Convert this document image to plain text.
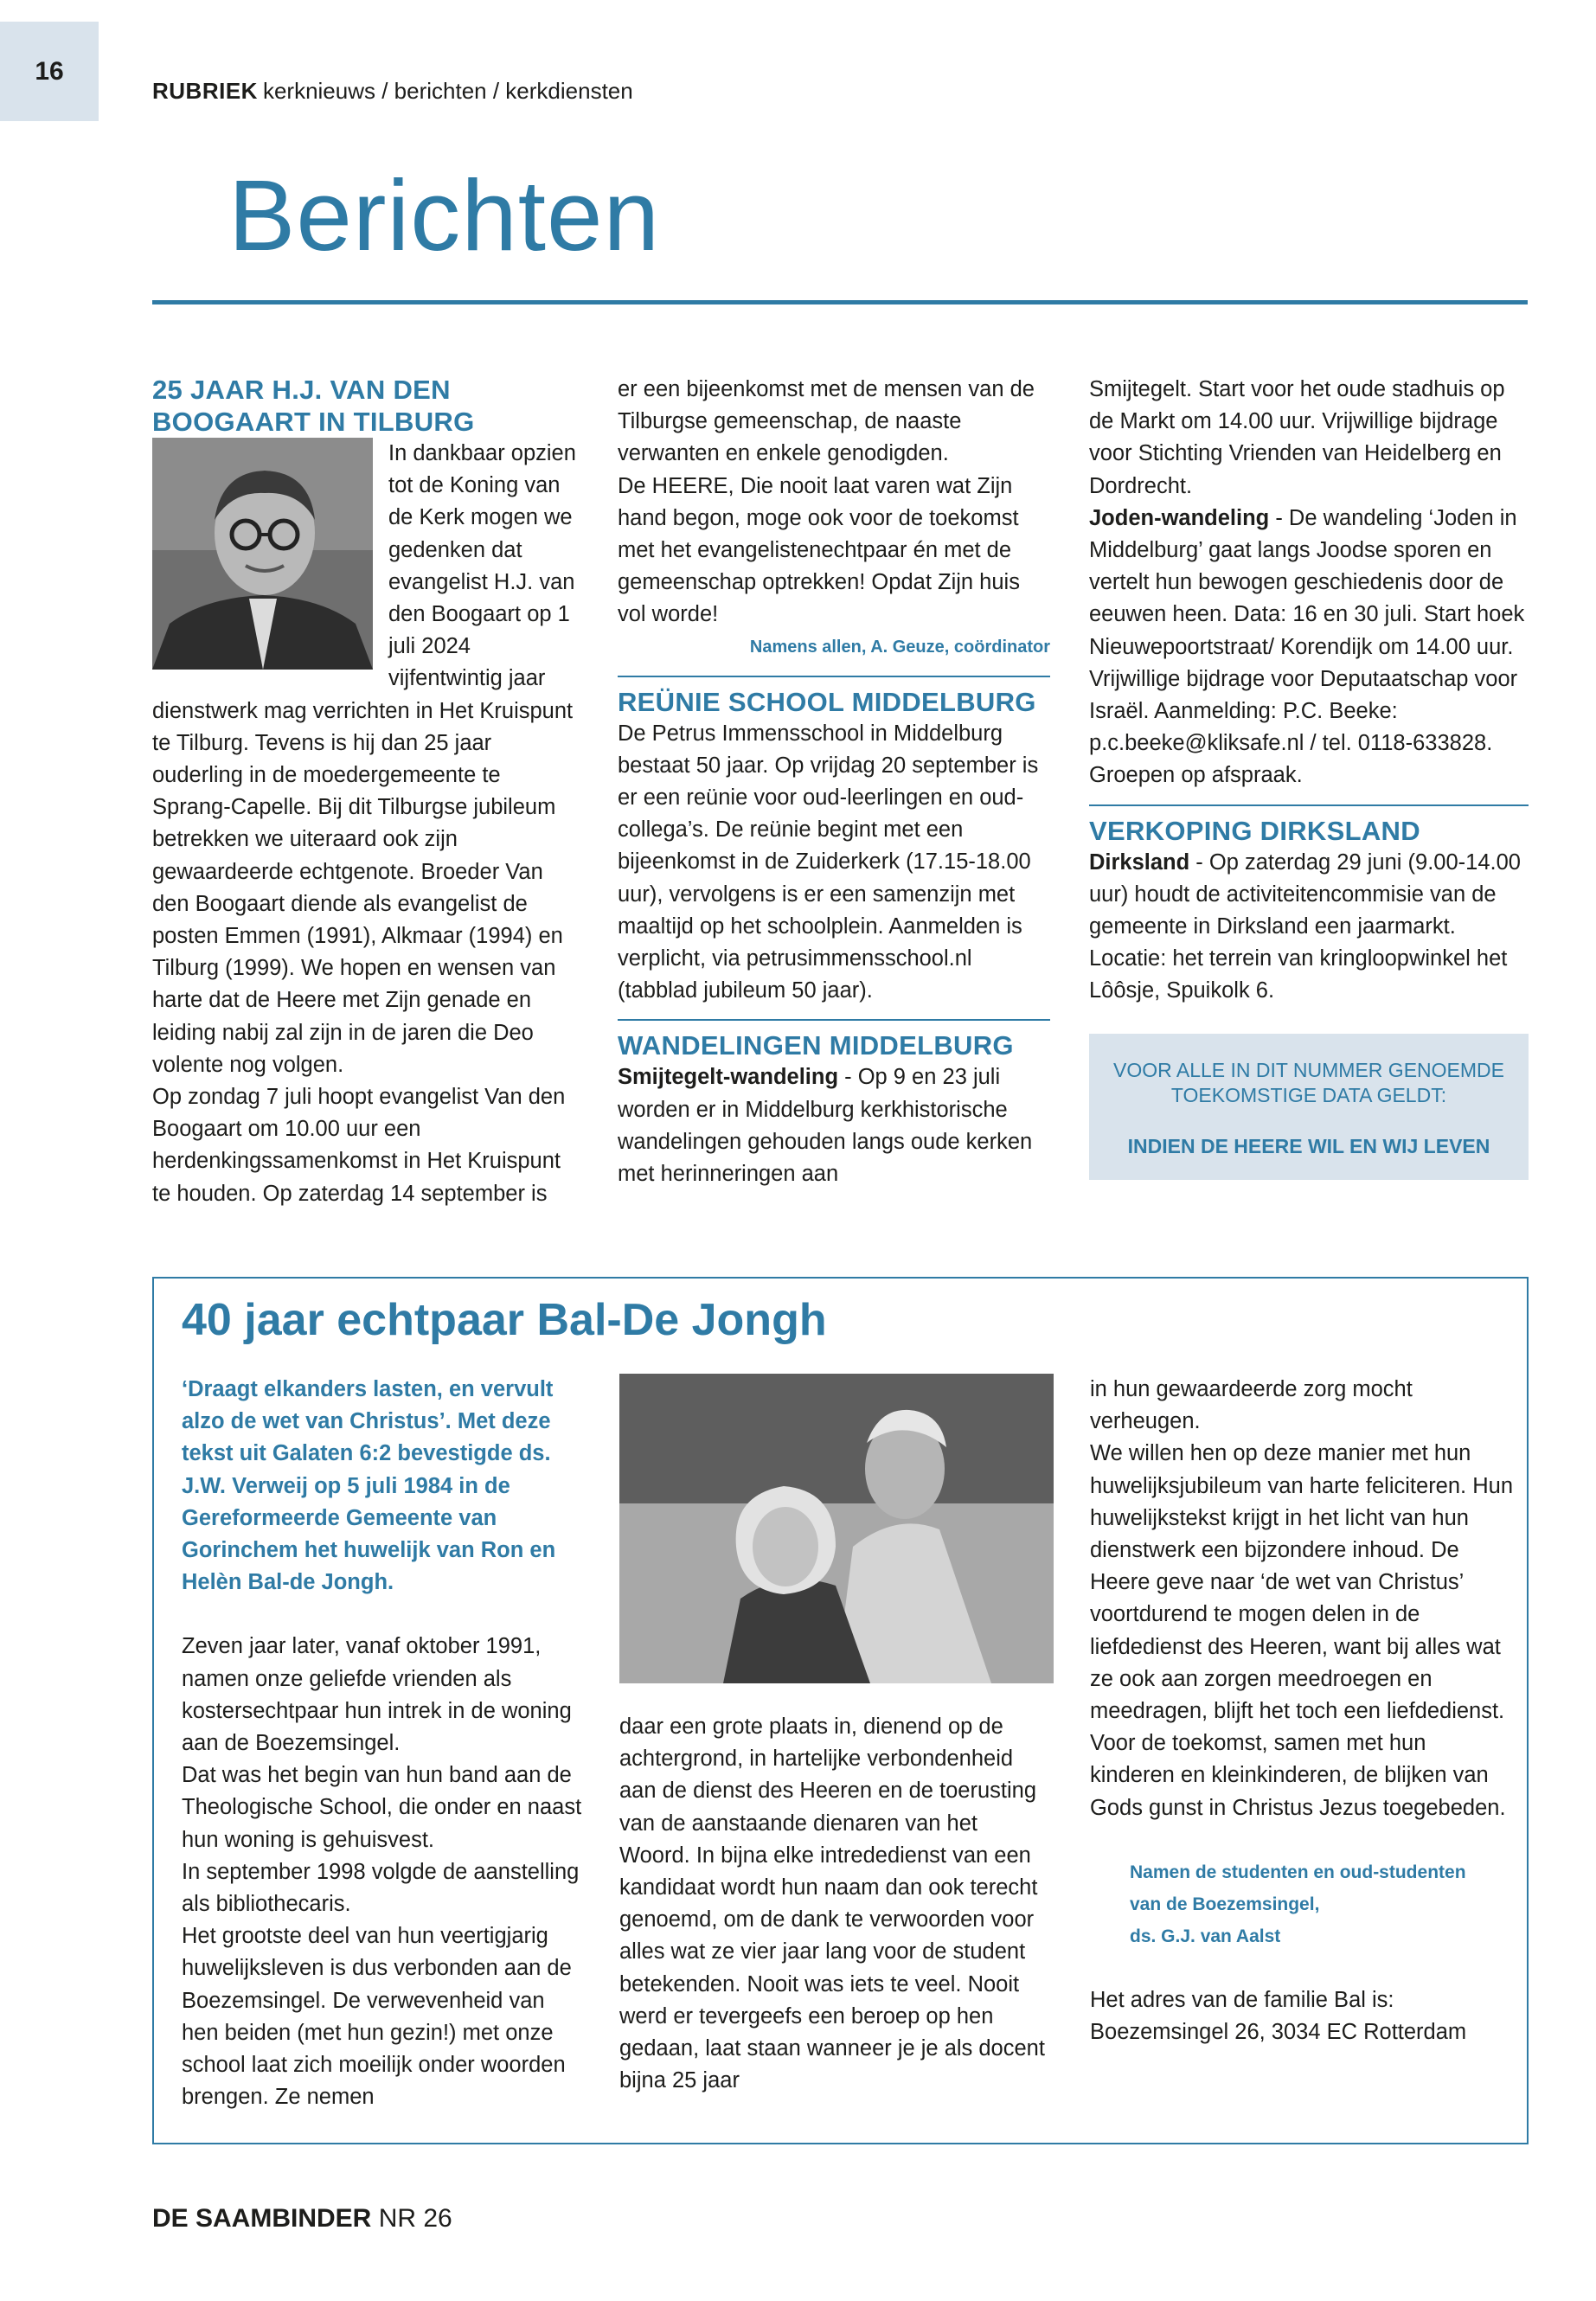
16
RUBRIEK kerknieuws / berichten / kerkdiensten
Berichten
25 JAAR H.J. VAN DEN BOOGAART IN TILBURG

In dankbaar opzien tot de Koning van de Kerk mogen we gedenken dat evangelist H.J. van den Boogaart op 1 juli 2024 vijfentwintig jaar dienstwerk mag verrichten in Het Kruispunt te Tilburg. Tevens is hij dan 25 jaar ouderling in de moedergemeente te Sprang-Capelle. Bij dit Tilburgse jubileum betrekken we uiteraard ook zijn gewaardeerde echtgenote. Broeder Van den Boogaart diende als evangelist de posten Emmen (1991), Alkmaar (1994) en Tilburg (1999). We hopen en wensen van harte dat de Heere met Zijn genade en leiding nabij zal zijn in de jaren die Deo volente nog volgen.

Op zondag 7 juli hoopt evangelist Van den Boogaart om 10.00 uur een herdenkingssamenkomst in Het Kruispunt te houden. Op zaterdag 14 september is

er een bijeenkomst met de mensen van de Tilburgse gemeenschap, de naaste verwanten en enkele genodigden.

De HEERE, Die nooit laat varen wat Zijn hand begon, moge ook voor de toekomst met het evangelistenechtpaar én met de gemeenschap optrekken! Opdat Zijn huis vol worde!

Namens allen, A. Geuze, coördinator
REÜNIE SCHOOL MIDDELBURG

De Petrus Immensschool in Middelburg bestaat 50 jaar. Op vrijdag 20 september is er een reünie voor oud-leerlingen en oud-collega’s. De reünie begint met een bijeenkomst in de Zuiderkerk (17.15-18.00 uur), vervolgens is er een samenzijn met maaltijd op het schoolplein. Aanmelden is verplicht, via petrusimmensschool.nl (tabblad jubileum 50 jaar).

WANDELINGEN MIDDELBURG

Smijtegelt-wandeling - Op 9 en 23 juli worden er in Middelburg kerkhistorische wandelingen gehouden langs oude kerken met herinneringen aan

Smijtegelt. Start voor het oude stadhuis op de Markt om 14.00 uur. Vrijwillige bijdrage voor Stichting Vrienden van Heidelberg en Dordrecht.

Joden-wandeling - De wandeling ‘Joden in Middelburg’ gaat langs Joodse sporen en vertelt hun bewogen geschiedenis door de eeuwen heen. Data: 16 en 30 juli. Start hoek Nieuwepoortstraat/ Korendijk om 14.00 uur. Vrijwillige bijdrage voor Deputaatschap voor Israël. Aanmelding: P.C. Beeke: p.c.beeke@kliksafe.nl / tel. 0118-633828. Groepen op afspraak.

VERKOPING DIRKSLAND

Dirksland - Op zaterdag 29 juni (9.00-14.00 uur) houdt de activiteitencommisie van de gemeente in Dirksland een jaarmarkt. Locatie: het terrein van kringloopwinkel het Lôôsje, Spuikolk 6.

VOOR ALLE IN DIT NUMMER GENOEMDE TOEKOMSTIGE DATA GELDT:
INDIEN DE HEERE WIL EN WIJ LEVEN
40 jaar echtpaar Bal-De Jongh

‘Draagt elkanders lasten, en vervult alzo de wet van Christus’. Met deze tekst uit Galaten 6:2 bevestigde ds. J.W. Verweij op 5 juli 1984 in de Gereformeerde Gemeente van Gorinchem het huwelijk van Ron en Helèn Bal-de Jongh.

Zeven jaar later, vanaf oktober 1991, namen onze geliefde vrienden als kostersechtpaar hun intrek in de woning aan de Boezemsingel.

Dat was het begin van hun band aan de Theologische School, die onder en naast hun woning is gehuisvest.

In september 1998 volgde de aanstelling als bibliothecaris.

Het grootste deel van hun veertigjarig huwelijksleven is dus verbonden aan de Boezemsingel. De verwevenheid van hen beiden (met hun gezin!) met onze school laat zich moeilijk onder woorden brengen. Ze nemen

daar een grote plaats in, dienend op de achtergrond, in hartelijke verbondenheid aan de dienst des Heeren en de toerusting van de aanstaande dienaren van het Woord. In bijna elke intrededienst van een kandidaat wordt hun naam dan ook terecht genoemd, om de dank te verwoorden voor alles wat ze vier jaar lang voor de student betekenden. Nooit was iets te veel. Nooit werd er tevergeefs een beroep op hen gedaan, laat staan wanneer je je als docent bijna 25 jaar

in hun gewaardeerde zorg mocht verheugen.

We willen hen op deze manier met hun huwelijksjubileum van harte feliciteren. Hun huwelijkstekst krijgt in het licht van hun dienstwerk een bijzondere inhoud. De Heere geve naar ‘de wet van Christus’ voortdurend te mogen delen in de liefdedienst des Heeren, want bij alles wat ze ook aan zorgen meedroegen en meedragen, blijft het toch een liefdedienst.

Voor de toekomst, samen met hun kinderen en kleinkinderen, de blijken van Gods gunst in Christus Jezus toegebeden.

Namen de studenten en oud-studenten
van de Boezemsingel,
ds. G.J. van Aalst

Het adres van de familie Bal is:

Boezemsingel 26, 3034 EC Rotterdam

DE SAAMBINDER NR 26
